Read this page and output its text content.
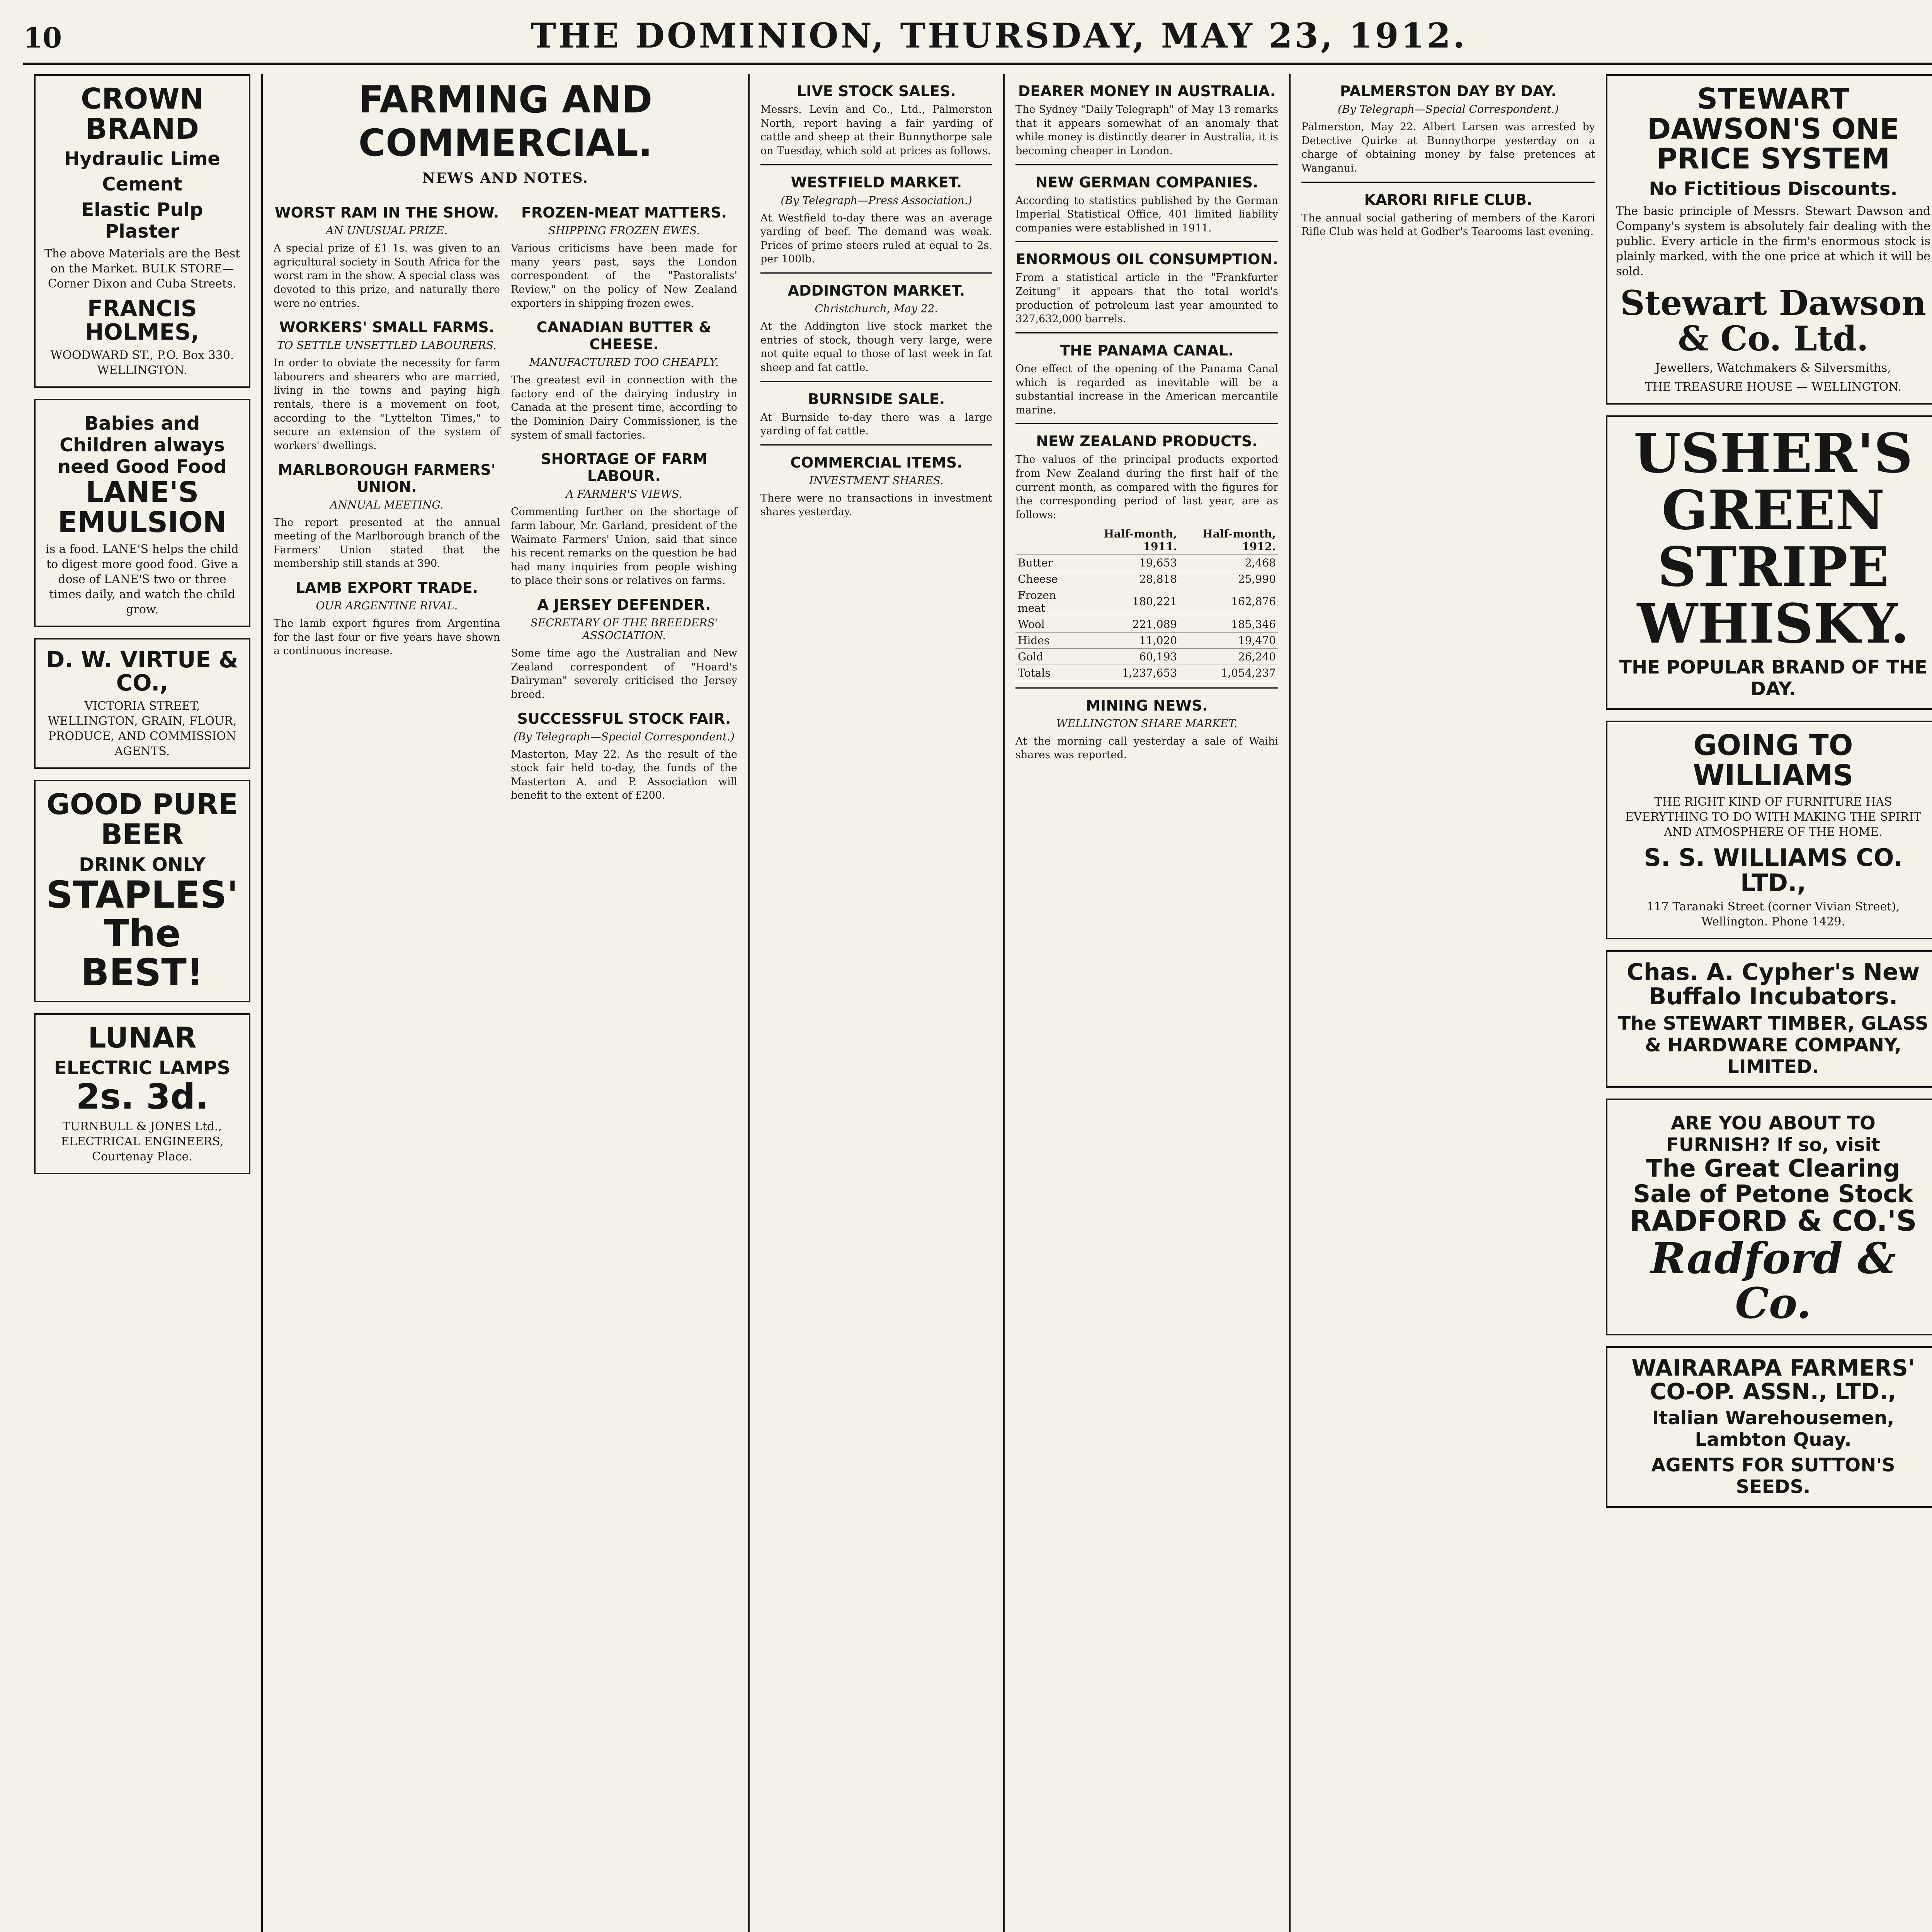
10	THE DOMINION, THURSDAY, MAY 23, 1912.
CROWN BRAND
Hydraulic Lime
Cement
Elastic Pulp Plaster
The above Materials are the Best on the Market. BULK STORE—Corner Dixon and Cuba Streets.
FRANCIS HOLMES,
WOODWARD ST., P.O. Box 330. WELLINGTON.
Babies and Children always need Good Food
LANE'S EMULSION
is a food. LANE'S helps the child to digest more good food. Give a dose of LANE'S two or three times daily, and watch the child grow.
D. W. VIRTUE & CO.,
VICTORIA STREET, WELLINGTON, GRAIN, FLOUR, PRODUCE, AND COMMISSION AGENTS.
GOOD PURE BEER
DRINK ONLY
STAPLES'
The BEST!
LUNAR
ELECTRIC LAMPS
2s. 3d.
TURNBULL & JONES Ltd., ELECTRICAL ENGINEERS, Courtenay Place.
FARMING AND COMMERCIAL.
NEWS AND NOTES.
WORST RAM IN THE SHOW.
AN UNUSUAL PRIZE.
A special prize of £1 1s. was given to an agricultural society in South Africa for the worst ram in the show. A special class was devoted to this prize, and naturally there were no entries.
WORKERS' SMALL FARMS.
TO SETTLE UNSETTLED LABOURERS.
In order to obviate the necessity for farm labourers and shearers who are married, living in the towns and paying high rentals, there is a movement on foot, according to the "Lyttelton Times," to secure an extension of the system of workers' dwellings.
MARLBOROUGH FARMERS' UNION.
ANNUAL MEETING.
The report presented at the annual meeting of the Marlborough branch of the Farmers' Union stated that the membership still stands at 390.
LAMB EXPORT TRADE.
OUR ARGENTINE RIVAL.
The lamb export figures from Argentina for the last four or five years have shown a continuous increase.
FROZEN-MEAT MATTERS.
SHIPPING FROZEN EWES.
Various criticisms have been made for many years past, says the London correspondent of the "Pastoralists' Review," on the policy of New Zealand exporters in shipping frozen ewes.
CANADIAN BUTTER & CHEESE.
MANUFACTURED TOO CHEAPLY.
The greatest evil in connection with the factory end of the dairying industry in Canada at the present time, according to the Dominion Dairy Commissioner, is the system of small factories.
SHORTAGE OF FARM LABOUR.
A FARMER'S VIEWS.
Commenting further on the shortage of farm labour, Mr. Garland, president of the Waimate Farmers' Union, said that since his recent remarks on the question he had had many inquiries from people wishing to place their sons or relatives on farms.
A JERSEY DEFENDER.
SECRETARY OF THE BREEDERS' ASSOCIATION.
Some time ago the Australian and New Zealand correspondent of "Hoard's Dairyman" severely criticised the Jersey breed.
SUCCESSFUL STOCK FAIR.
(By Telegraph—Special Correspondent.)
Masterton, May 22. As the result of the stock fair held to-day, the funds of the Masterton A. and P. Association will benefit to the extent of £200.
LIVE STOCK SALES.
Messrs. Levin and Co., Ltd., Palmerston North, report having a fair yarding of cattle and sheep at their Bunnythorpe sale on Tuesday, which sold at prices as follows.
WESTFIELD MARKET.
(By Telegraph—Press Association.)
At Westfield to-day there was an average yarding of beef. The demand was weak. Prices of prime steers ruled at equal to 2s. per 100lb.
ADDINGTON MARKET.
Christchurch, May 22.
At the Addington live stock market the entries of stock, though very large, were not quite equal to those of last week in fat sheep and fat cattle.
BURNSIDE SALE.
At Burnside to-day there was a large yarding of fat cattle.
COMMERCIAL ITEMS.
INVESTMENT SHARES.
There were no transactions in investment shares yesterday.
DEARER MONEY IN AUSTRALIA.
The Sydney "Daily Telegraph" of May 13 remarks that it appears somewhat of an anomaly that while money is distinctly dearer in Australia, it is becoming cheaper in London.
NEW GERMAN COMPANIES.
According to statistics published by the German Imperial Statistical Office, 401 limited liability companies were established in 1911.
ENORMOUS OIL CONSUMPTION.
From a statistical article in the "Frankfurter Zeitung" it appears that the total world's production of petroleum last year amounted to 327,632,000 barrels.
THE PANAMA CANAL.
One effect of the opening of the Panama Canal which is regarded as inevitable will be a substantial increase in the American mercantile marine.
NEW ZEALAND PRODUCTS.
The values of the principal products exported from New Zealand during the first half of the current month, as compared with the figures for the corresponding period of last year, are as follows:
	Half-month, 1911.	Half-month, 1912.
Butter	19,653	2,468
Cheese	28,818	25,990
Frozen meat	180,221	162,876
Wool	221,089	185,346
Hides	11,020	19,470
Gold	60,193	26,240
Totals	1,237,653	1,054,237
MINING NEWS.
WELLINGTON SHARE MARKET.
At the morning call yesterday a sale of Waihi shares was reported.
PALMERSTON DAY BY DAY.
(By Telegraph—Special Correspondent.)
Palmerston, May 22. Albert Larsen was arrested by Detective Quirke at Bunnythorpe yesterday on a charge of obtaining money by false pretences at Wanganui.
KARORI RIFLE CLUB.
The annual social gathering of members of the Karori Rifle Club was held at Godber's Tearooms last evening.
STEWART DAWSON'S ONE PRICE SYSTEM
No Fictitious Discounts.
The basic principle of Messrs. Stewart Dawson and Company's system is absolutely fair dealing with the public. Every article in the firm's enormous stock is plainly marked, with the one price at which it will be sold.
Stewart Dawson & Co. Ltd.
Jewellers, Watchmakers & Silversmiths,
THE TREASURE HOUSE — WELLINGTON.
USHER'S
GREEN STRIPE
WHISKY.
THE POPULAR BRAND OF THE DAY.
GOING TO WILLIAMS
THE RIGHT KIND OF FURNITURE HAS EVERYTHING TO DO WITH MAKING THE SPIRIT AND ATMOSPHERE OF THE HOME.
S. S. WILLIAMS CO. LTD.,
117 Taranaki Street (corner Vivian Street), Wellington. Phone 1429.
Chas. A. Cypher's New Buffalo Incubators.
The STEWART TIMBER, GLASS & HARDWARE COMPANY, LIMITED.
ARE YOU ABOUT TO FURNISH? If so, visit
The Great Clearing Sale of Petone Stock
RADFORD & CO.'S
Radford & Co.
WAIRARAPA FARMERS' CO-OP. ASSN., LTD.,
Italian Warehousemen, Lambton Quay.
AGENTS FOR SUTTON'S SEEDS.
